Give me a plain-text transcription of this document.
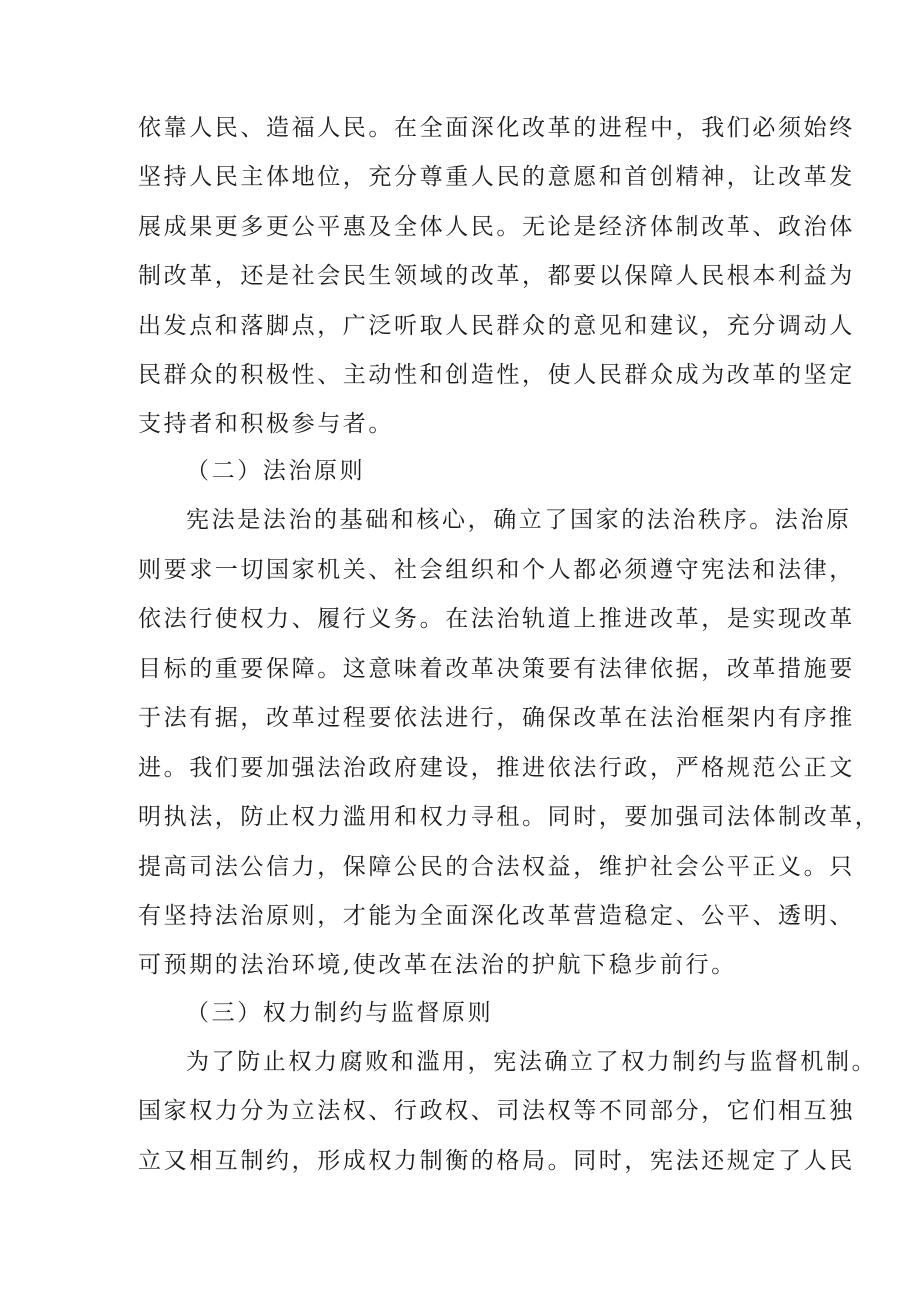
依靠人民、造福人民。在全面深化改革的进程中，我们必须始终
坚持人民主体地位，充分尊重人民的意愿和首创精神，让改革发
展成果更多更公平惠及全体人民。无论是经济体制改革、政治体
制改革，还是社会民生领域的改革，都要以保障人民根本利益为
出发点和落脚点，广泛听取人民群众的意见和建议，充分调动人
民群众的积极性、主动性和创造性，使人民群众成为改革的坚定
支持者和积极参与者。
（二）法治原则
宪法是法治的基础和核心，确立了国家的法治秩序。法治原
则要求一切国家机关、社会组织和个人都必须遵守宪法和法律，
依法行使权力、履行义务。在法治轨道上推进改革，是实现改革
目标的重要保障。这意味着改革决策要有法律依据，改革措施要
于法有据，改革过程要依法进行，确保改革在法治框架内有序推
进。我们要加强法治政府建设，推进依法行政，严格规范公正文
明执法，防止权力滥用和权力寻租。同时，要加强司法体制改革，
提高司法公信力，保障公民的合法权益，维护社会公平正义。只
有坚持法治原则，才能为全面深化改革营造稳定、公平、透明、
可预期的法治环境,使改革在法治的护航下稳步前行。
（三）权力制约与监督原则
为了防止权力腐败和滥用，宪法确立了权力制约与监督机制。
国家权力分为立法权、行政权、司法权等不同部分，它们相互独
立又相互制约，形成权力制衡的格局。同时，宪法还规定了人民
